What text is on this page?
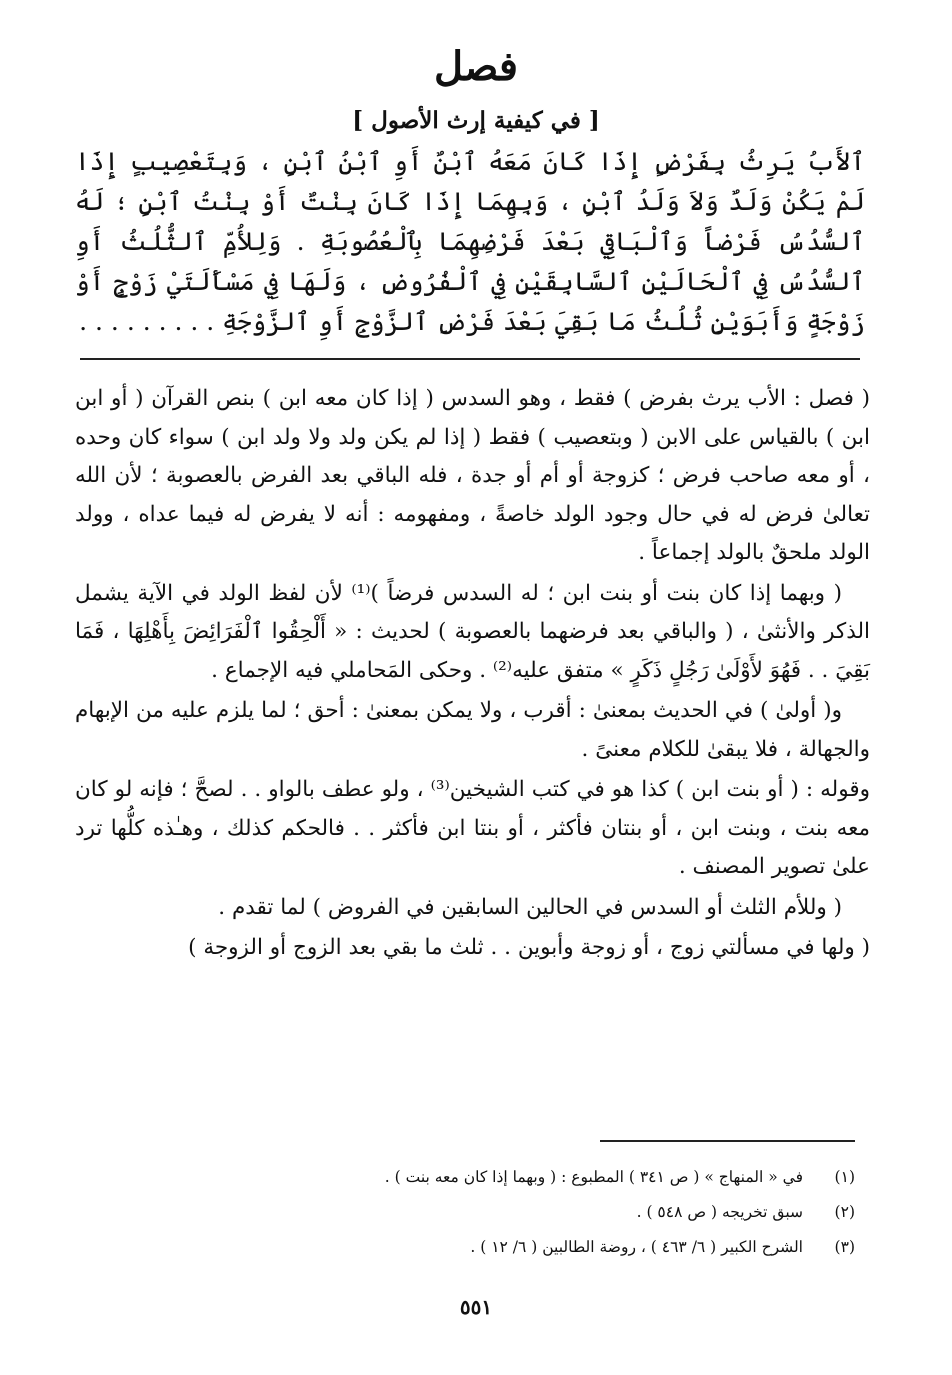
فصل
[ في كيفية إرث الأصول ]
ٱلأَبُ يَرِثُ بِفَرْضٍ إِذَا كَانَ مَعَهُ ٱبْنٌ أَوِ ٱبْنُ ٱبْنٍ ، وَبِتَعْصِيبٍ إِذَا لَمْ يَكُنْ وَلَدٌ وَلاَ وَلَدُ ٱبْنٍ ، وَبِهِمَا إِذَا كَانَ بِنْتٌ أَوْ بِنْتُ ٱبْنٍ ؛ لَهُ ٱلسُّدُسُ فَرْضاً وَٱلْبَاقِي بَعْدَ فَرْضِهِمَا بِٱلْعُصُوبَةِ . وَلِلأُمِّ ٱلثُّلُثُ أَوِ ٱلسُّدُسُ فِي ٱلْحَالَيْنِ ٱلسَّابِقَيْنِ فِي ٱلْفُرُوضِ ، وَلَهَا فِي مَسْأَلَتَيْ زَوْجٍ أَوْ زَوْجَةٍ وَأَبَوَيْنِ ثُلُثُ مَا بَقِيَ بَعْدَ فَرْضِ ٱلزَّوْجِ أَوِ ٱلزَّوْجَةِ . . . . . . . . .

( فصل : الأب يرث بفرض ) فقط ، وهو السدس ( إذا كان معه ابن ) بنص القرآن ( أو ابن ابن ) بالقياس على الابن ( وبتعصيب ) فقط ( إذا لم يكن ولد ولا ولد ابن ) سواء كان وحده ، أو معه صاحب فرض ؛ كزوجة أو أم أو جدة ، فله الباقي بعد الفرض بالعصوبة ؛ لأن الله تعالىٰ فرض له في حال وجود الولد خاصةً ، ومفهومه : أنه لا يفرض له فيما عداه ، وولد الولد ملحقٌ بالولد إجماعاً .

( وبهما إذا كان بنت أو بنت ابن ؛ له السدس فرضاً )⁽¹⁾ لأن لفظ الولد في الآية يشمل الذكر والأنثىٰ ، ( والباقي بعد فرضهما بالعصوبة ) لحديث : « أَلْحِقُوا ٱلْفَرَائِضَ بِأَهْلِهَا ، فَمَا بَقِيَ . . فَهُوَ لأَوْلَىٰ رَجُلٍ ذَكَرٍ » متفق عليه⁽²⁾ . وحكى المَحاملي فيه الإجماع .

و( أولىٰ ) في الحديث بمعنىٰ : أقرب ، ولا يمكن بمعنىٰ : أحق ؛ لما يلزم عليه من الإبهام والجهالة ، فلا يبقىٰ للكلام معنىً .

وقوله : ( أو بنت ابن ) كذا هو في كتب الشيخين⁽³⁾ ، ولو عطف بالواو . . لصحَّ ؛ فإنه لو كان معه بنت ، وبنت ابن ، أو بنتان فأكثر ، أو بنتا ابن فأكثر . . فالحكم كذلك ، وهـٰذه كلُّها ترد علىٰ تصوير المصنف .

( وللأم الثلث أو السدس في الحالين السابقين في الفروض ) لما تقدم .

( ولها في مسألتي زوج ، أو زوجة وأبوين . . ثلث ما بقي بعد الزوج أو الزوجة )

(١)
في « المنهاج » ( ص ٣٤١ ) المطبوع : ( وبهما إذا كان معه بنت ) .
(٢)
سبق تخريجه ( ص ٥٤٨ ) .
(٣)
الشرح الكبير ( ٦/ ٤٦٣ ) ، روضة الطالبين ( ٦/ ١٢ ) .
٥٥١
